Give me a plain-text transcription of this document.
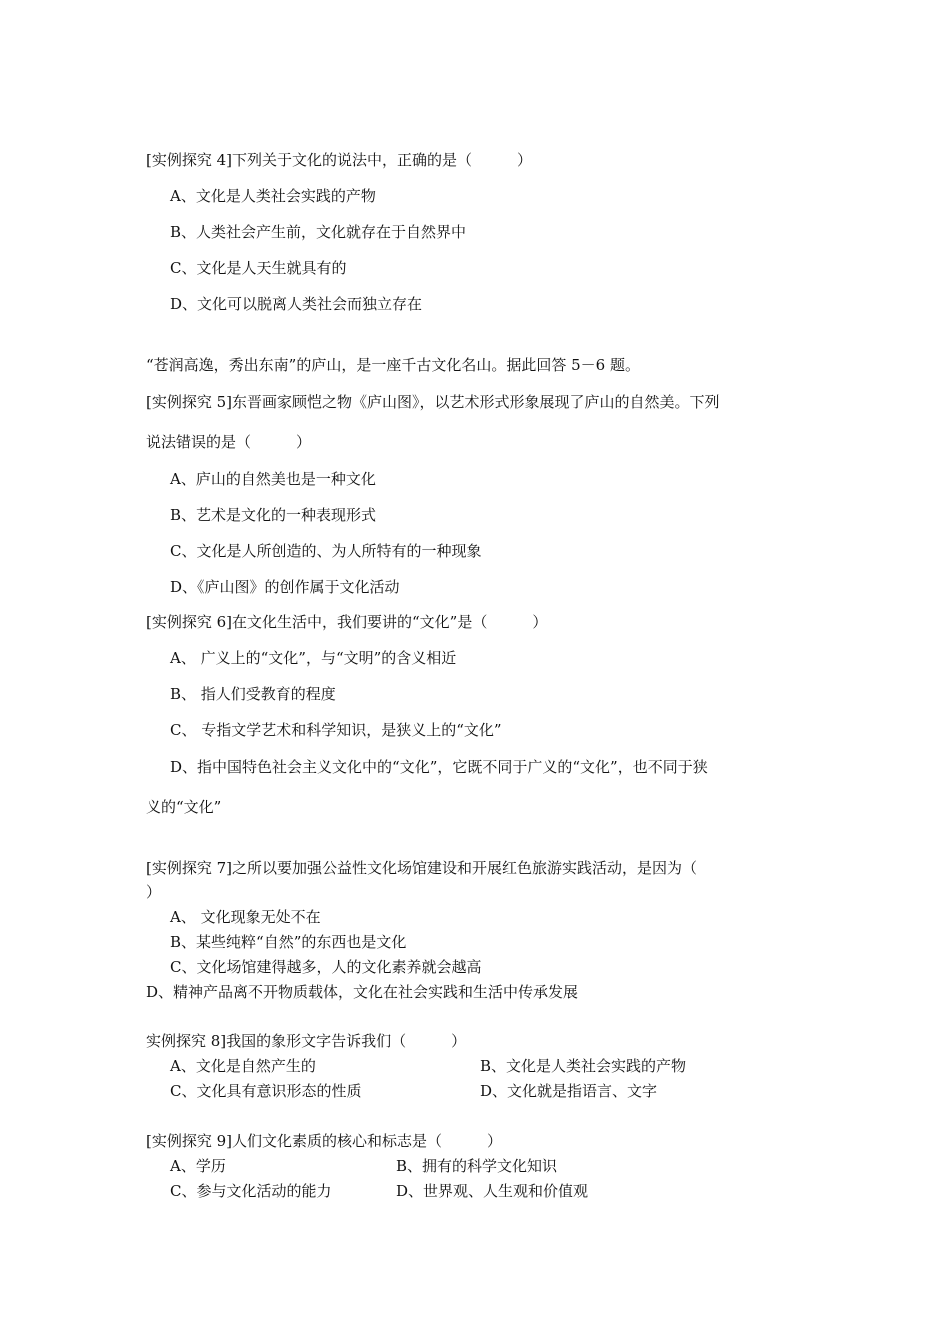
[实例探究 4]下列关于文化的说法中，正确的是（　　　）
A、文化是人类社会实践的产物
B、人类社会产生前，文化就存在于自然界中
C、文化是人天生就具有的
D、文化可以脱离人类社会而独立存在
“苍润高逸，秀出东南”的庐山，是一座千古文化名山。据此回答 5－6 题。
[实例探究 5]东晋画家顾恺之物《庐山图》，以艺术形式形象展现了庐山的自然美。下列
说法错误的是（　　　）
A、庐山的自然美也是一种文化
B、艺术是文化的一种表现形式
C、文化是人所创造的、为人所特有的一种现象
D、《庐山图》的创作属于文化活动
[实例探究 6]在文化生活中，我们要讲的“文化”是（　　　）
A、 广义上的“文化”，与“文明”的含义相近
B、 指人们受教育的程度
C、 专指文学艺术和科学知识，是狭义上的“文化”
D、指中国特色社会主义文化中的“文化”，它既不同于广义的“文化”，也不同于狭
义的“文化”
[实例探究 7]之所以要加强公益性文化场馆建设和开展红色旅游实践活动，是因为（
）
A、 文化现象无处不在
B、某些纯粹“自然”的东西也是文化
C、文化场馆建得越多，人的文化素养就会越高
D、精神产品离不开物质载体，文化在社会实践和生活中传承发展
实例探究 8]我国的象形文字告诉我们（　　　）
A、文化是自然产生的	B、文化是人类社会实践的产物
C、文化具有意识形态的性质	D、文化就是指语言、文字
[实例探究 9]人们文化素质的核心和标志是（　　　）
A、学历	B、拥有的科学文化知识
C、参与文化活动的能力	D、世界观、人生观和价值观
